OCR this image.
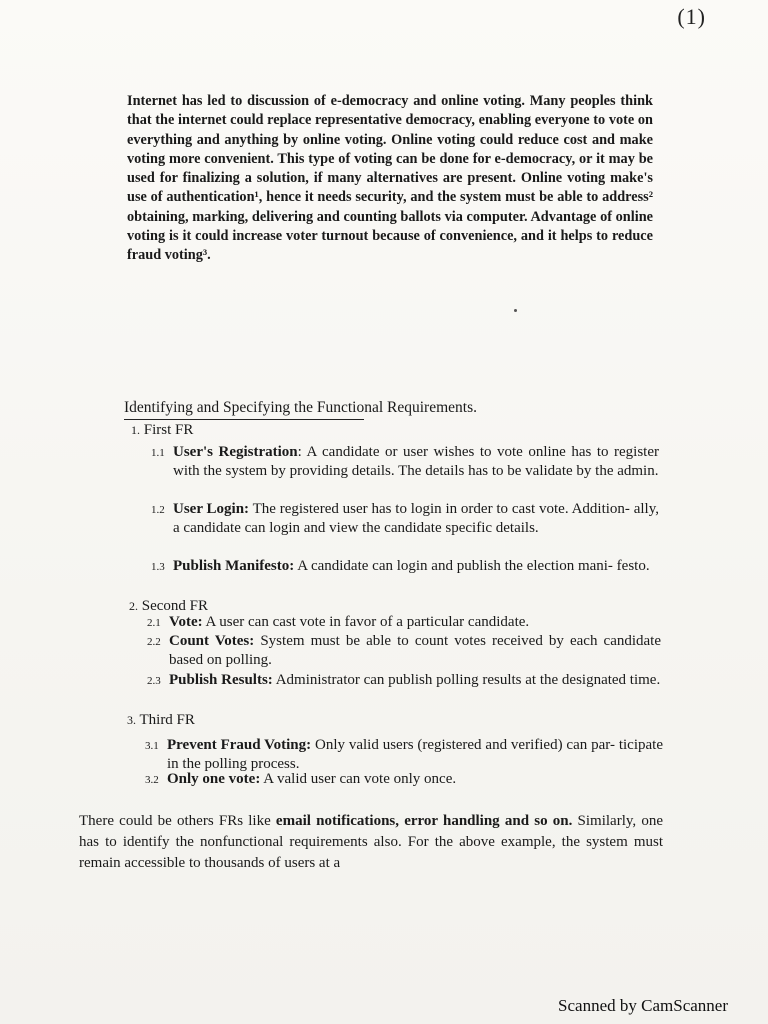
(1)

Internet has led to discussion of e-democracy and online voting. Many peoples think that the internet could replace representative democracy, enabling everyone to vote on everything and anything by online voting. Online voting could reduce cost and make voting more convenient. This type of voting can be done for e-democracy, or it may be used for finalizing a solution, if many alternatives are present. Online voting make's use of authentication¹, hence it needs security, and the system must be able to address² obtaining, marking, delivering and counting ballots via computer. Advantage of online voting is it could increase voter turnout because of convenience, and it helps to reduce fraud voting³.

Identifying and Specifying the Functional Requirements.
1. First FR
1.1 User's Registration: A candidate or user wishes to vote online has to register with the system by providing details. The details has to be validate by the admin.
1.2 User Login: The registered user has to login in order to cast vote. Addition- ally, a candidate can login and view the candidate specific details.
1.3 Publish Manifesto: A candidate can login and publish the election mani- festo.
2. Second FR
2.1 Vote: A user can cast vote in favor of a particular candidate.
2.2 Count Votes: System must be able to count votes received by each candidate based on polling.
2.3 Publish Results: Administrator can publish polling results at the designated time.
3. Third FR
3.1 Prevent Fraud Voting: Only valid users (registered and verified) can par- ticipate in the polling process.
3.2 Only one vote: A valid user can vote only once.

There could be others FRs like email notifications, error handling and so on. Similarly, one has to identify the nonfunctional requirements also. For the above example, the system must remain accessible to thousands of users at a

Scanned by CamScanner
